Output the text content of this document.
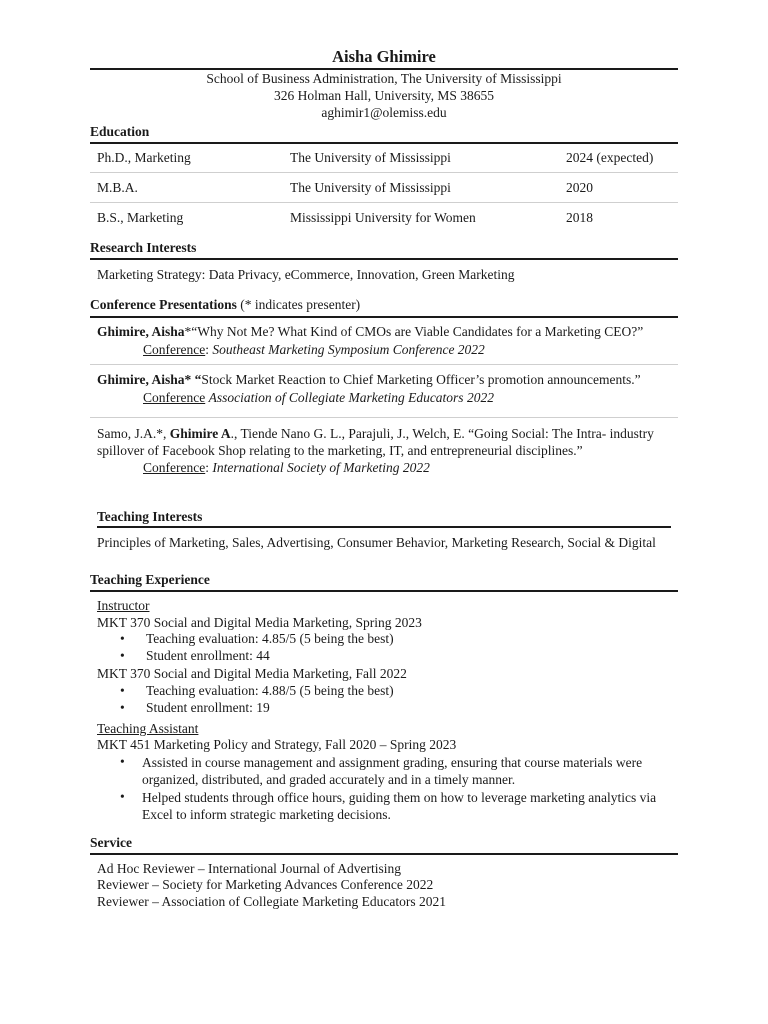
Aisha Ghimire
School of Business Administration, The University of Mississippi
326 Holman Hall, University, MS 38655
aghimir1@olemiss.edu
Education
Ph.D., Marketing	The University of Mississippi	2024 (expected)
M.B.A.	The University of Mississippi	2020
B.S., Marketing	Mississippi University for Women	2018
Research Interests
Marketing Strategy: Data Privacy, eCommerce, Innovation, Green Marketing
Conference Presentations (* indicates presenter)
Ghimire, Aisha*“Why Not Me? What Kind of CMOs are Viable Candidates for a Marketing CEO?”
Conference: Southeast Marketing Symposium Conference 2022
Ghimire, Aisha* “Stock Market Reaction to Chief Marketing Officer’s promotion announcements.”
Conference Association of Collegiate Marketing Educators 2022
Samo, J.A.*, Ghimire A., Tiende Nano G. L., Parajuli, J., Welch, E. “Going Social: The Intra- industry
spillover of Facebook Shop relating to the marketing, IT, and entrepreneurial disciplines.”
Conference: International Society of Marketing 2022
Teaching Interests
Principles of Marketing, Sales, Advertising, Consumer Behavior, Marketing Research, Social & Digital
Teaching Experience
Instructor
MKT 370 Social and Digital Media Marketing, Spring 2023
• Teaching evaluation: 4.85/5 (5 being the best)
• Student enrollment: 44
MKT 370 Social and Digital Media Marketing, Fall 2022
• Teaching evaluation: 4.88/5 (5 being the best)
• Student enrollment: 19
Teaching Assistant
MKT 451 Marketing Policy and Strategy, Fall 2020 – Spring 2023
• Assisted in course management and assignment grading, ensuring that course materials were organized, distributed, and graded accurately and in a timely manner.
• Helped students through office hours, guiding them on how to leverage marketing analytics via Excel to inform strategic marketing decisions.
Service
Ad Hoc Reviewer – International Journal of Advertising
Reviewer – Society for Marketing Advances Conference 2022
Reviewer – Association of Collegiate Marketing Educators 2021
